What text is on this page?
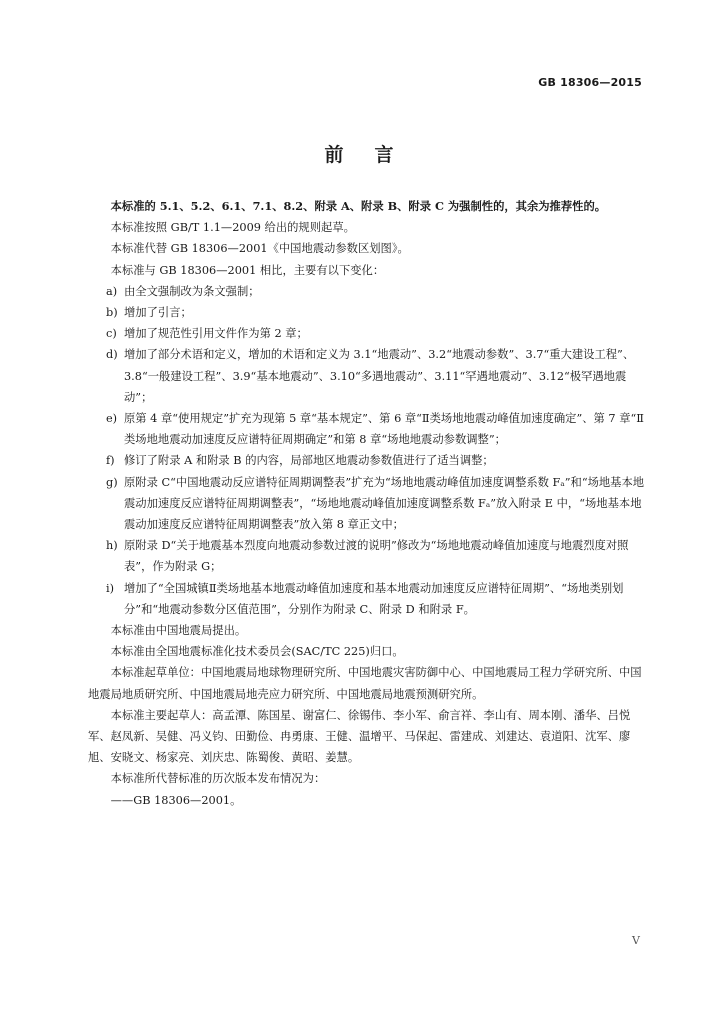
GB 18306—2015
前　言

本标准的 5.1、5.2、6.1、7.1、8.2、附录 A、附录 B、附录 C 为强制性的，其余为推荐性的。

本标准按照 GB/T 1.1—2009 给出的规则起草。

本标准代替 GB 18306—2001《中国地震动参数区划图》。

本标准与 GB 18306—2001 相比，主要有以下变化：

a) 由全文强制改为条文强制；

b) 增加了引言；

c) 增加了规范性引用文件作为第 2 章；

d) 增加了部分术语和定义，增加的术语和定义为 3.1“地震动”、3.2“地震动参数”、3.7“重大建设工程”、3.8“一般建设工程”、3.9“基本地震动”、3.10“多遇地震动”、3.11“罕遇地震动”、3.12“极罕遇地震动”；

e) 原第 4 章“使用规定”扩充为现第 5 章“基本规定”、第 6 章“Ⅱ类场地地震动峰值加速度确定”、第 7 章“Ⅱ类场地地震动加速度反应谱特征周期确定”和第 8 章“场地地震动参数调整”；

f) 修订了附录 A 和附录 B 的内容，局部地区地震动参数值进行了适当调整；

g) 原附录 C“中国地震动反应谱特征周期调整表”扩充为“场地地震动峰值加速度调整系数 Fₐ”和“场地基本地震动加速度反应谱特征周期调整表”，“场地地震动峰值加速度调整系数 Fₐ”放入附录 E 中，“场地基本地震动加速度反应谱特征周期调整表”放入第 8 章正文中；

h) 原附录 D“关于地震基本烈度向地震动参数过渡的说明”修改为“场地地震动峰值加速度与地震烈度对照表”，作为附录 G；

i) 增加了“全国城镇Ⅱ类场地基本地震动峰值加速度和基本地震动加速度反应谱特征周期”、“场地类别划分”和“地震动参数分区值范围”，分别作为附录 C、附录 D 和附录 F。

本标准由中国地震局提出。

本标准由全国地震标准化技术委员会(SAC/TC 225)归口。

本标准起草单位：中国地震局地球物理研究所、中国地震灾害防御中心、中国地震局工程力学研究所、中国地震局地质研究所、中国地震局地壳应力研究所、中国地震局地震预测研究所。

本标准主要起草人：高孟潭、陈国星、谢富仁、徐锡伟、李小军、俞言祥、李山有、周本刚、潘华、吕悦军、赵凤新、吴健、冯义钧、田勤俭、冉勇康、王健、温增平、马保起、雷建成、刘建达、袁道阳、沈军、廖旭、安晓文、杨家亮、刘庆忠、陈蜀俊、黄昭、姜慧。

本标准所代替标准的历次版本发布情况为：

——GB 18306—2001。

Ⅴ
